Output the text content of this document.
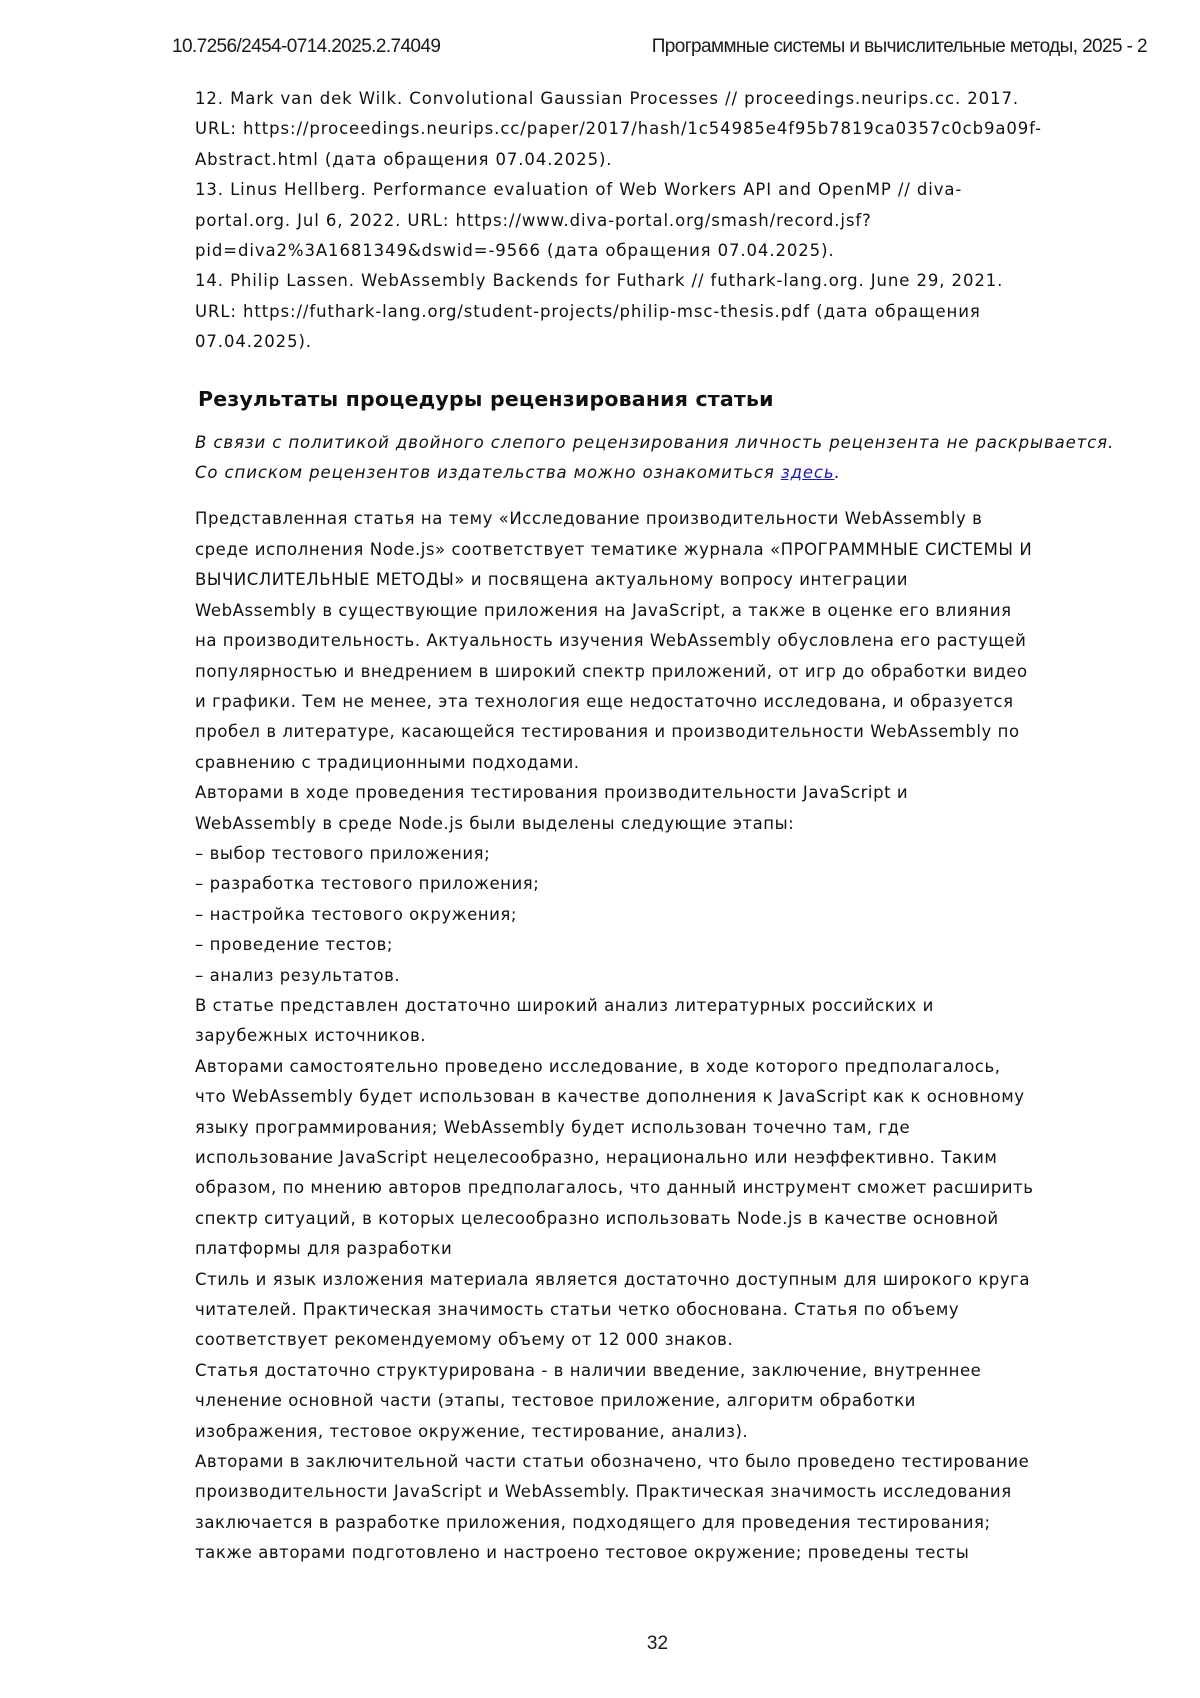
10.7256/2454-0714.2025.2.74049	Программные системы и вычислительные методы, 2025 - 2

12. Mark van dek Wilk. Convolutional Gaussian Processes // proceedings.neurips.cc. 2017.
URL: https://proceedings.neurips.cc/paper/2017/hash/1c54985e4f95b7819ca0357c0cb9a09f-
Abstract.html (дата обращения 07.04.2025).

13. Linus Hellberg. Performance evaluation of Web Workers API and OpenMP // diva-
portal.org. Jul 6, 2022. URL: https://www.diva-portal.org/smash/record.jsf?
pid=diva2%3A1681349&dswid=-9566 (дата обращения 07.04.2025).

14. Philip Lassen. WebAssembly Backends for Futhark // futhark-lang.org. June 29, 2021.
URL: https://futhark-lang.org/student-projects/philip-msc-thesis.pdf (дата обращения
07.04.2025).

Результаты процедуры рецензирования статьи

В связи с политикой двойного слепого рецензирования личность рецензента не раскрывается.

Со списком рецензентов издательства можно ознакомиться здесь.

Представленная статья на тему «Исследование производительности WebAssembly в

среде исполнения Node.js» соответствует тематике журнала «ПРОГРАММНЫЕ СИСТЕМЫ И

ВЫЧИСЛИТЕЛЬНЫЕ МЕТОДЫ» и посвящена актуальному вопросу интеграции

WebAssembly в существующие приложения на JavaScript, а также в оценке его влияния

на производительность. Актуальность изучения WebAssembly обусловлена его растущей

популярностью и внедрением в широкий спектр приложений, от игр до обработки видео

и графики. Тем не менее, эта технология еще недостаточно исследована, и образуется

пробел в литературе, касающейся тестирования и производительности WebAssembly по

сравнению с традиционными подходами.

Авторами в ходе проведения тестирования производительности JavaScript и

WebAssembly в среде Node.js были выделены следующие этапы:

– выбор тестового приложения;

– разработка тестового приложения;

– настройка тестового окружения;

– проведение тестов;

– анализ результатов.

В статье представлен достаточно широкий анализ литературных российских и

зарубежных источников.

Авторами самостоятельно проведено исследование, в ходе которого предполагалось,

что WebAssembly будет использован в качестве дополнения к JavaScript как к основному

языку программирования; WebAssembly будет использован точечно там, где

использование JavaScript нецелесообразно, нерационально или неэффективно. Таким

образом, по мнению авторов предполагалось, что данный инструмент сможет расширить

спектр ситуаций, в которых целесообразно использовать Node.js в качестве основной

платформы для разработки

Стиль и язык изложения материала является достаточно доступным для широкого круга

читателей. Практическая значимость статьи четко обоснована. Статья по объему

соответствует рекомендуемому объему от 12 000 знаков.

Статья достаточно структурирована - в наличии введение, заключение, внутреннее

членение основной части (этапы, тестовое приложение, алгоритм обработки

изображения, тестовое окружение, тестирование, анализ).

Авторами в заключительной части статьи обозначено, что было проведено тестирование

производительности JavaScript и WebAssembly. Практическая значимость исследования

заключается в разработке приложения, подходящего для проведения тестирования;

также авторами подготовлено и настроено тестовое окружение; проведены тесты

32
